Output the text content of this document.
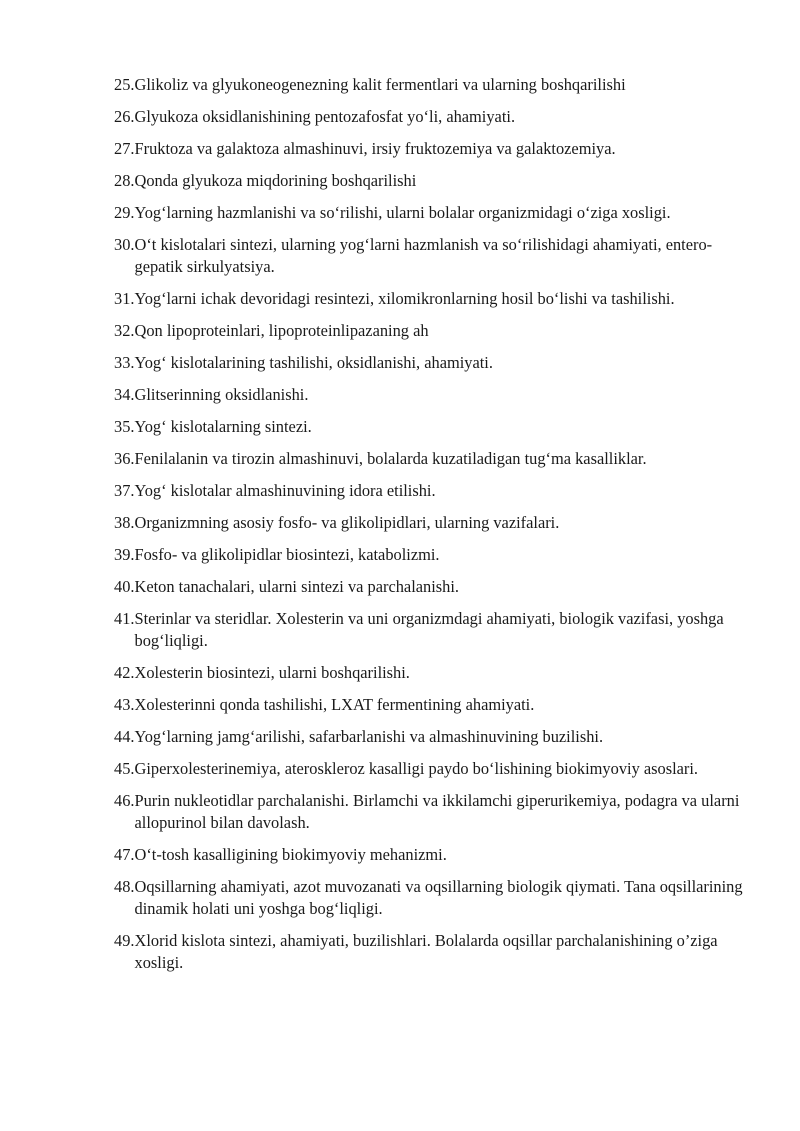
25. Glikoliz va glyukoneogenezning kalit fermentlari va ularning boshqarilishi
26. Glyukoza oksidlanishining pentozafosfat yo‘li, ahamiyati.
27. Fruktoza va galaktoza almashinuvi, irsiy fruktozemiya va galaktozemiya.
28. Qonda glyukoza miqdorining boshqarilishi
29. Yog‘larning hazmlanishi va so‘rilishi, ularni bolalar organizmidagi o‘ziga xosligi.
30. O‘t kislotalari sintezi, ularning yog‘larni hazmlanish va so‘rilishidagi ahamiyati, entero-gepatik sirkulyatsiya.
31. Yog‘larni ichak devoridagi resintezi, xilomikronlarning hosil bo‘lishi va tashilishi.
32. Qon lipoproteinlari, lipoproteinlipazaning ah
33. Yog‘ kislotalarining tashilishi, oksidlanishi, ahamiyati.
34. Glitserinning oksidlanishi.
35. Yog‘ kislotalarning sintezi.
36. Fenilalanin va tirozin almashinuvi, bolalarda kuzatiladigan tug‘ma kasalliklar.
37. Yog‘ kislotalar almashinuvining idora etilishi.
38. Organizmning asosiy fosfo- va glikolipidlari, ularning vazifalari.
39. Fosfo- va glikolipidlar biosintezi, katabolizmi.
40. Keton tanachalari, ularni sintezi va parchalanishi.
41. Sterinlar va steridlar. Xolesterin va uni organizmdagi ahamiyati, biologik vazifasi, yoshga bog‘liqligi.
42. Xolesterin biosintezi, ularni boshqarilishi.
43. Xolesterinni qonda tashilishi, LXAT fermentining ahamiyati.
44. Yog‘larning jamg‘arilishi, safarbarlanishi va almashinuvining buzilishi.
45. Giperxolesterinemiya, ateroskleroz kasalligi paydo bo‘lishining biokimyoviy asoslari.
46. Purin nukleotidlar parchalanishi. Birlamchi va ikkilamchi giperurikemiya, podagra va ularni allopurinol bilan davolash.
47. O‘t-tosh kasalligining biokimyoviy mehanizmi.
48. Oqsillarning ahamiyati, azot muvozanati va oqsillarning biologik qiymati. Tana oqsillarining dinamik holati uni yoshga bog‘liqligi.
49. Xlorid kislota sintezi, ahamiyati, buzilishlari. Bolalarda oqsillar parchalanishining o’ziga xosligi.
